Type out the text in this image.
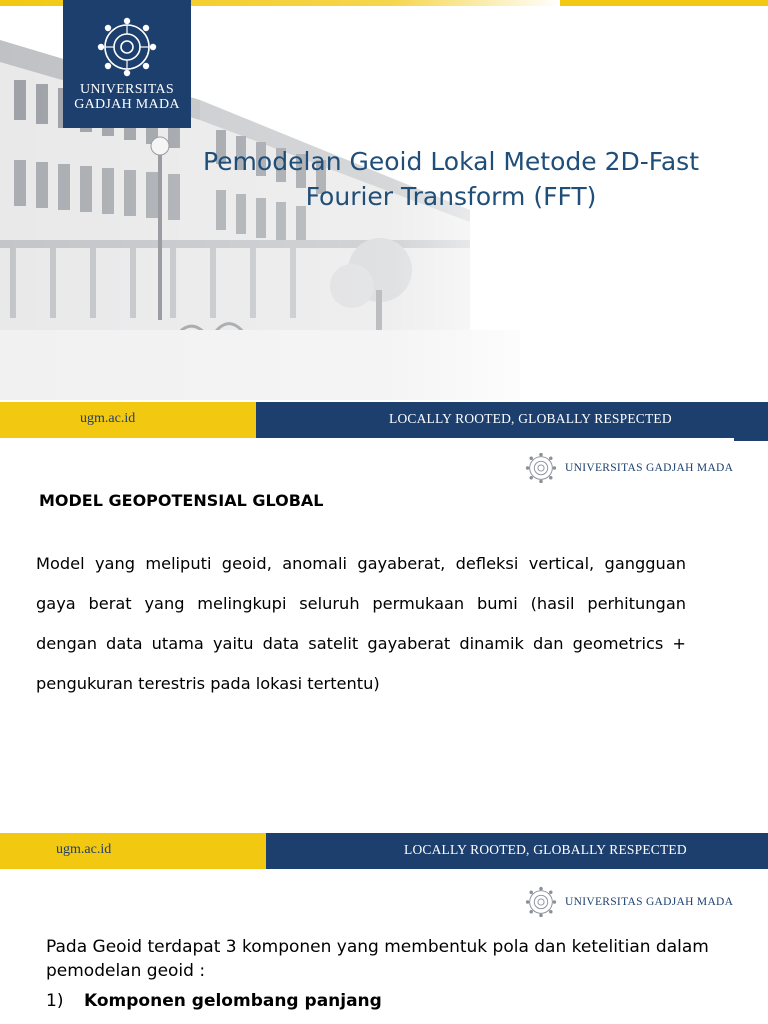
UNIVERSITAS
GADJAH MADA
Pemodelan Geoid Lokal Metode 2D-Fast
Fourier Transform (FFT)
ugm.ac.id	LOCALLY ROOTED, GLOBALLY RESPECTED
UNIVERSITAS GADJAH MADA
MODEL GEOPOTENSIAL GLOBAL

Model yang meliputi geoid, anomali gayaberat, defleksi vertical, gangguan gaya berat yang melingkupi seluruh permukaan bumi (hasil perhitungan dengan data utama yaitu data satelit gayaberat dinamik dan geometrics + pengukuran terestris pada lokasi tertentu)

ugm.ac.id	LOCALLY ROOTED, GLOBALLY RESPECTED
UNIVERSITAS GADJAH MADA

Pada Geoid terdapat 3 komponen yang membentuk pola dan ketelitian dalam pemodelan geoid :

1) Komponen gelombang panjang
